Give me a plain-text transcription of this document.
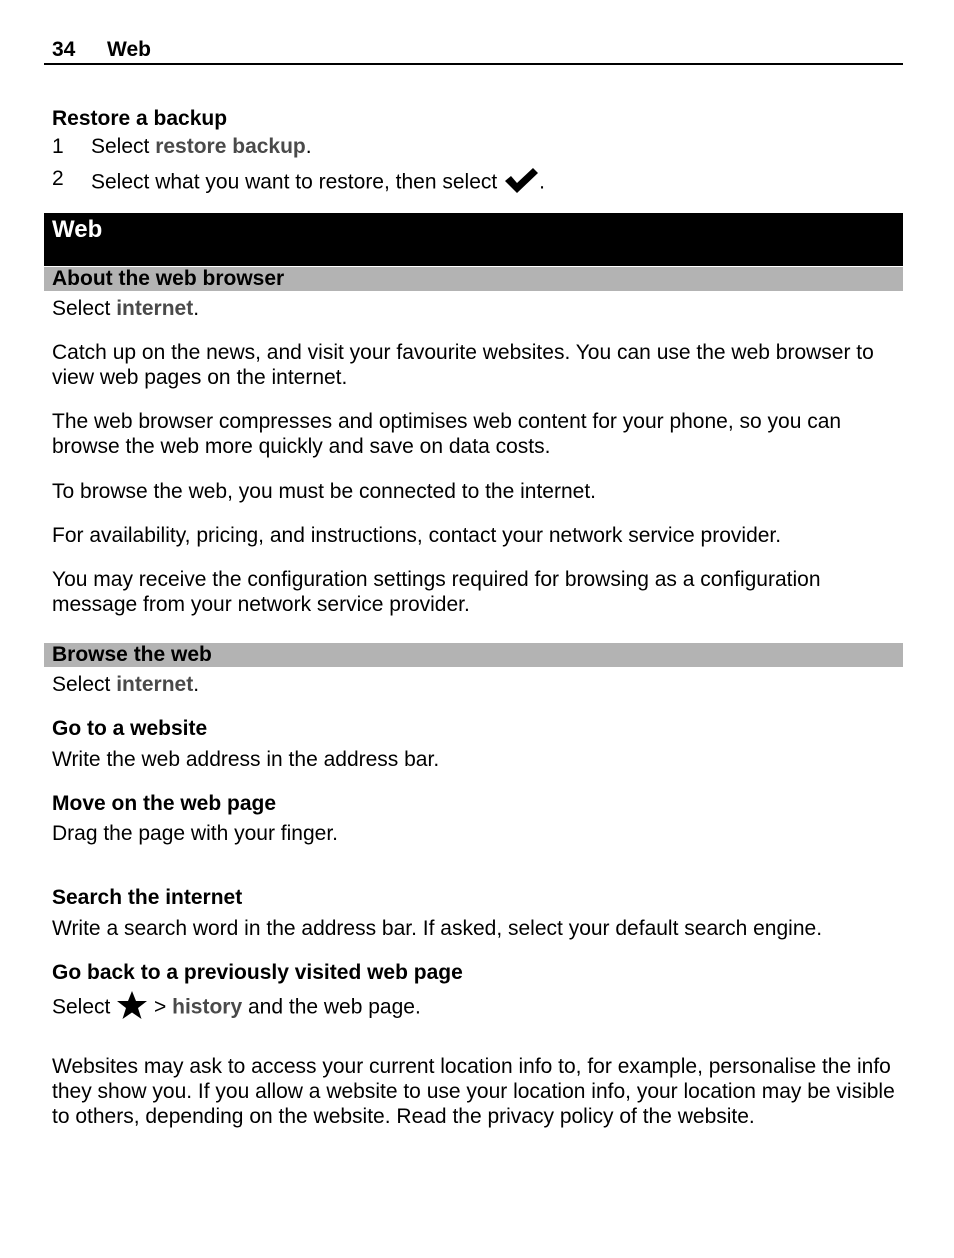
34 Web
Restore a backup
1 Select restore backup.
2 Select what you want to restore, then select .
Web
About the web browser
Select internet.
Catch up on the news, and visit your favourite websites. You can use the web browser to view web pages on the internet.
The web browser compresses and optimises web content for your phone, so you can browse the web more quickly and save on data costs.
To browse the web, you must be connected to the internet.
For availability, pricing, and instructions, contact your network service provider.
You may receive the configuration settings required for browsing as a configuration message from your network service provider.
Browse the web
Select internet.
Go to a website
Write the web address in the address bar.
Move on the web page
Drag the page with your finger.
Search the internet
Write a search word in the address bar. If asked, select your default search engine.
Go back to a previously visited web page
Select  > history and the web page.
Websites may ask to access your current location info to, for example, personalise the info they show you. If you allow a website to use your location info, your location may be visible to others, depending on the website. Read the privacy policy of the website.
